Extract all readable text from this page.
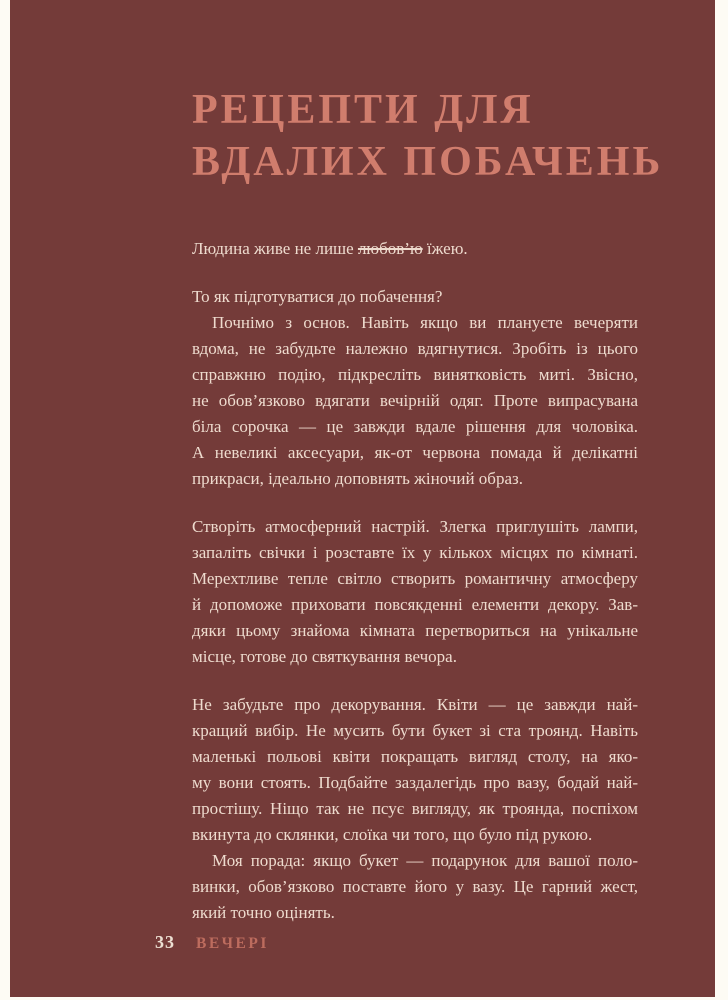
РЕЦЕПТИ ДЛЯ
ВДАЛИХ ПОБАЧЕНЬ
Людина живе не лише любов’ю їжею.
То як підготуватися до побачення?
Почнімо з основ. Навіть якщо ви плануєте вечеряти
вдома, не забудьте належно вдягнутися. Зробіть із цього
справжню подію, підкресліть винятковість миті. Звісно,
не обов’язково вдягати вечірній одяг. Проте випрасувана
біла сорочка — це завжди вдале рішення для чоловіка.
А невеликі аксесуари, як-от червона помада й делікатні
прикраси, ідеально доповнять жіночий образ.
Створіть атмосферний настрій. Злегка приглушіть лампи,
запаліть свічки і розставте їх у кількох місцях по кімнаті.
Мерехтливе тепле світло створить романтичну атмосферу
й допоможе приховати повсякденні елементи декору. Зав-
дяки цьому знайома кімната перетвориться на унікальне
місце, готове до святкування вечора.
Не забудьте про декорування. Квіти — це завжди най-
кращий вибір. Не мусить бути букет зі ста троянд. Навіть
маленькі польові квіти покращать вигляд столу, на яко-
му вони стоять. Подбайте заздалегідь про вазу, бодай най-
простішу. Ніщо так не псує вигляду, як троянда, поспіхом
вкинута до склянки, слоїка чи того, що було під рукою.
Моя порада: якщо букет — подарунок для вашої поло-
винки, обов’язково поставте його у вазу. Це гарний жест,
який точно оцінять.
33 ВЕЧЕРІ
